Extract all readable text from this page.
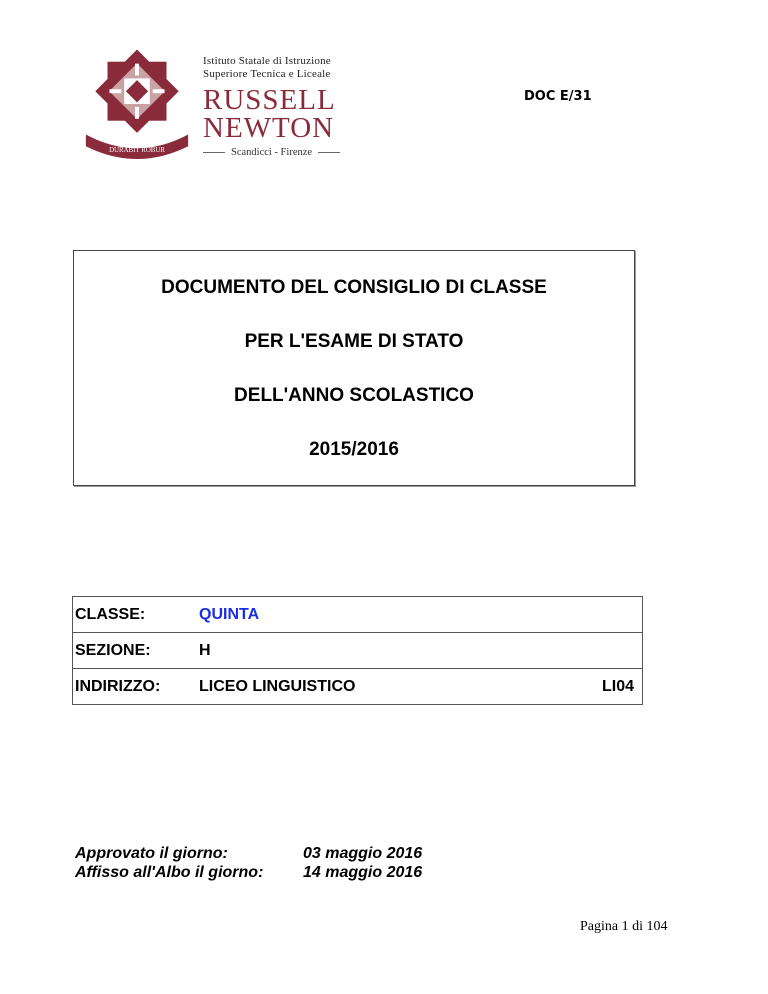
COLLECTUM
DURABIT ROBUR
Istituto Statale di Istruzione
Superiore Tecnica e Liceale
RUSSELL
NEWTON
Scandicci - Firenze
DOC E/31
DOCUMENTO DEL CONSIGLIO DI CLASSE
PER L'ESAME DI STATO
DELL'ANNO SCOLASTICO
2015/2016
CLASSE:	QUINTA	
SEZIONE:	H	
INDIRIZZO:	LICEO LINGUISTICO	LI04
Approvato il giorno:	03 maggio 2016
Affisso all'Albo il giorno:	14 maggio 2016
Pagina 1 di 104
